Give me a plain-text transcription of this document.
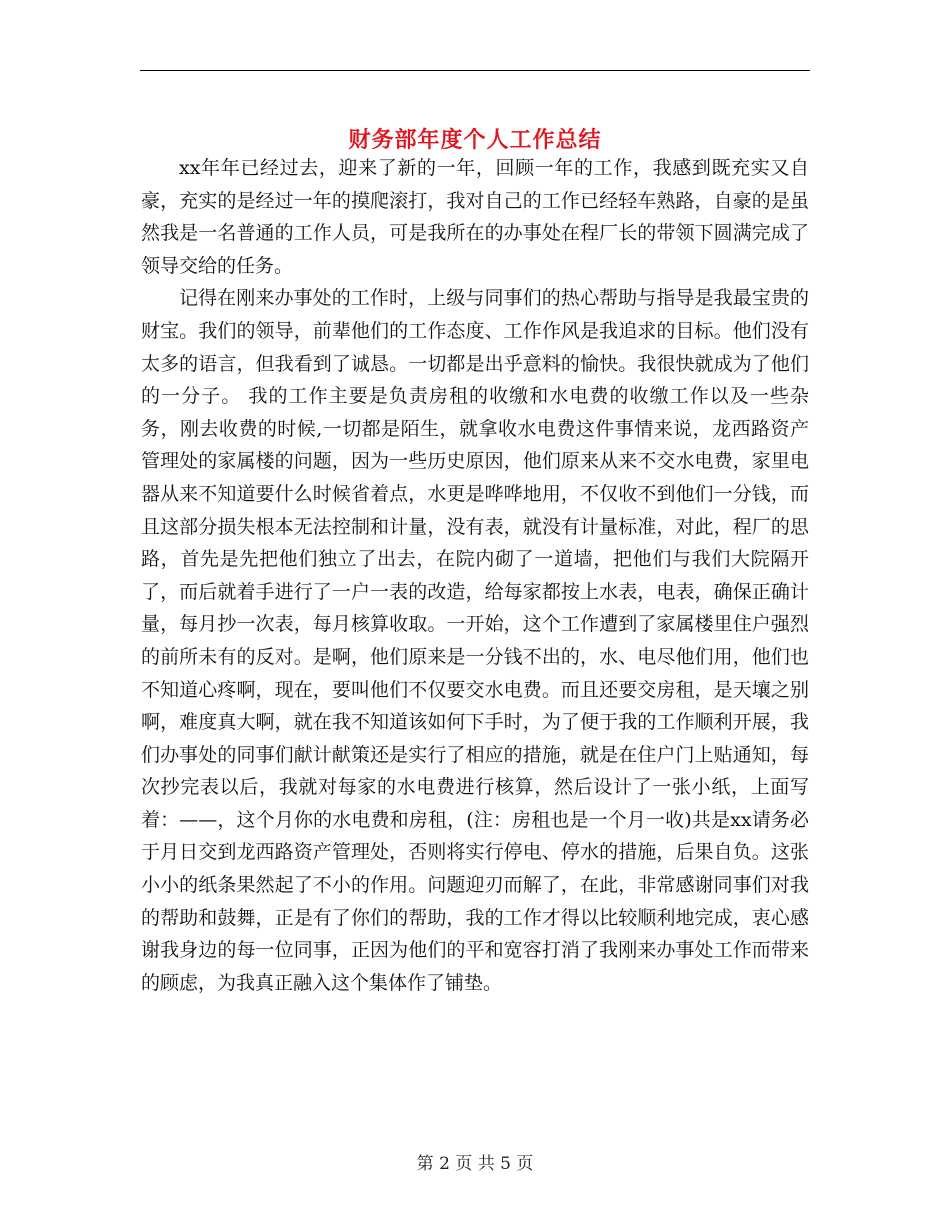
财务部年度个人工作总结

xx年年已经过去，迎来了新的一年，回顾一年的工作，我感到既充实又自豪，充实的是经过一年的摸爬滚打，我对自己的工作已经轻车熟路，自豪的是虽然我是一名普通的工作人员，可是我所在的办事处在程厂长的带领下圆满完成了领导交给的任务。

记得在刚来办事处的工作时，上级与同事们的热心帮助与指导是我最宝贵的财宝。我们的领导，前辈他们的工作态度、工作作风是我追求的目标。他们没有太多的语言，但我看到了诚恳。一切都是出乎意料的愉快。我很快就成为了他们的一分子。 我的工作主要是负责房租的收缴和水电费的收缴工作以及一些杂务，刚去收费的时候,一切都是陌生，就拿收水电费这件事情来说，龙西路资产管理处的家属楼的问题，因为一些历史原因，他们原来从来不交水电费，家里电器从来不知道要什么时候省着点，水更是哗哗地用，不仅收不到他们一分钱，而且这部分损失根本无法控制和计量，没有表，就没有计量标准，对此，程厂的思路，首先是先把他们独立了出去，在院内砌了一道墙，把他们与我们大院隔开了，而后就着手进行了一户一表的改造，给每家都按上水表，电表，确保正确计量，每月抄一次表，每月核算收取。一开始，这个工作遭到了家属楼里住户强烈的前所未有的反对。是啊，他们原来是一分钱不出的，水、电尽他们用，他们也不知道心疼啊，现在，要叫他们不仅要交水电费。而且还要交房租，是天壤之别啊，难度真大啊，就在我不知道该如何下手时，为了便于我的工作顺利开展，我们办事处的同事们献计献策还是实行了相应的措施，就是在住户门上贴通知，每次抄完表以后，我就对每家的水电费进行核算，然后设计了一张小纸，上面写着：——，这个月你的水电费和房租，(注：房租也是一个月一收)共是xx请务必于月日交到龙西路资产管理处，否则将实行停电、停水的措施，后果自负。这张小小的纸条果然起了不小的作用。问题迎刃而解了，在此，非常感谢同事们对我的帮助和鼓舞，正是有了你们的帮助，我的工作才得以比较顺利地完成，衷心感谢我身边的每一位同事，正因为他们的平和宽容打消了我刚来办事处工作而带来的顾虑，为我真正融入这个集体作了铺垫。

第 2 页 共 5 页
